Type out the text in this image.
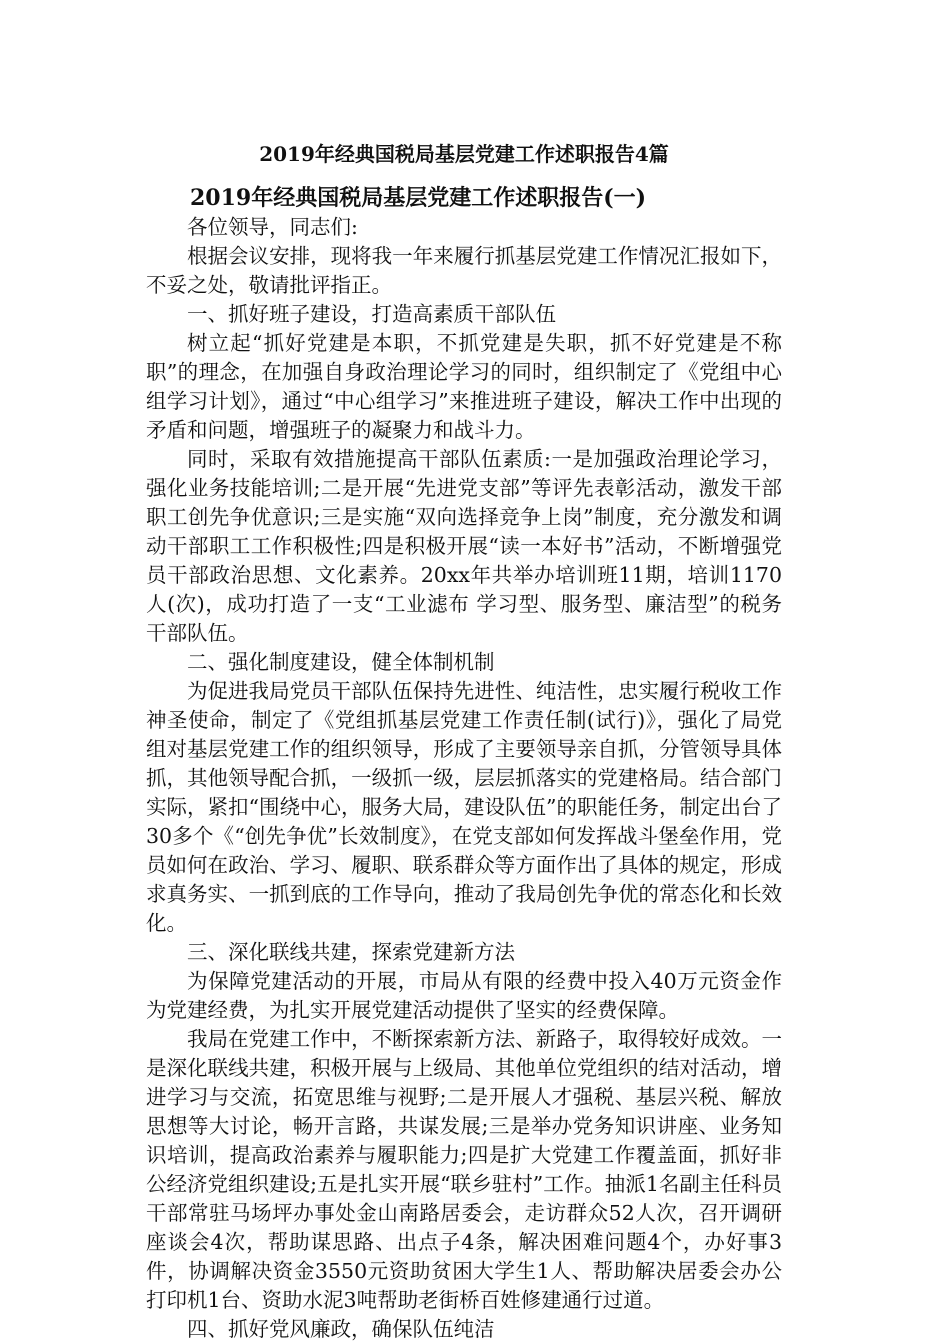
2019年经典国税局基层党建工作述职报告4篇
2019年经典国税局基层党建工作述职报告(一)

各位领导，同志们:

根据会议安排，现将我一年来履行抓基层党建工作情况汇报如下，不妥之处，敬请批评指正。

一、抓好班子建设，打造高素质干部队伍

树立起“抓好党建是本职，不抓党建是失职，抓不好党建是不称职”的理念，在加强自身政治理论学习的同时，组织制定了《党组中心组学习计划》，通过“中心组学习”来推进班子建设，解决工作中出现的矛盾和问题，增强班子的凝聚力和战斗力。

同时，采取有效措施提高干部队伍素质:一是加强政治理论学习，强化业务技能培训;二是开展“先进党支部”等评先表彰活动，激发干部职工创先争优意识;三是实施“双向选择竞争上岗”制度，充分激发和调动干部职工工作积极性;四是积极开展“读一本好书”活动，不断增强党员干部政治思想、文化素养。20xx年共举办培训班11期，培训1170人(次)，成功打造了一支“工业滤布 学习型、服务型、廉洁型”的税务干部队伍。

二、强化制度建设，健全体制机制

为促进我局党员干部队伍保持先进性、纯洁性，忠实履行税收工作神圣使命，制定了《党组抓基层党建工作责任制(试行)》，强化了局党组对基层党建工作的组织领导，形成了主要领导亲自抓，分管领导具体抓，其他领导配合抓，一级抓一级，层层抓落实的党建格局。结合部门实际，紧扣“围绕中心，服务大局，建设队伍”的职能任务，制定出台了30多个《“创先争优”长效制度》，在党支部如何发挥战斗堡垒作用，党员如何在政治、学习、履职、联系群众等方面作出了具体的规定，形成求真务实、一抓到底的工作导向，推动了我局创先争优的常态化和长效化。

三、深化联线共建，探索党建新方法

为保障党建活动的开展，市局从有限的经费中投入40万元资金作为党建经费，为扎实开展党建活动提供了坚实的经费保障。

我局在党建工作中，不断探索新方法、新路子，取得较好成效。一是深化联线共建，积极开展与上级局、其他单位党组织的结对活动，增进学习与交流，拓宽思维与视野;二是开展人才强税、基层兴税、解放思想等大讨论，畅开言路，共谋发展;三是举办党务知识讲座、业务知识培训，提高政治素养与履职能力;四是扩大党建工作覆盖面，抓好非公经济党组织建设;五是扎实开展“联乡驻村”工作。抽派1名副主任科员干部常驻马场坪办事处金山南路居委会，走访群众52人次，召开调研座谈会4次，帮助谋思路、出点子4条，解决困难问题4个，办好事3件，协调解决资金3550元资助贫困大学生1人、帮助解决居委会办公打印机1台、资助水泥3吨帮助老街桥百姓修建通行过道。

四、抓好党风廉政，确保队伍纯洁
